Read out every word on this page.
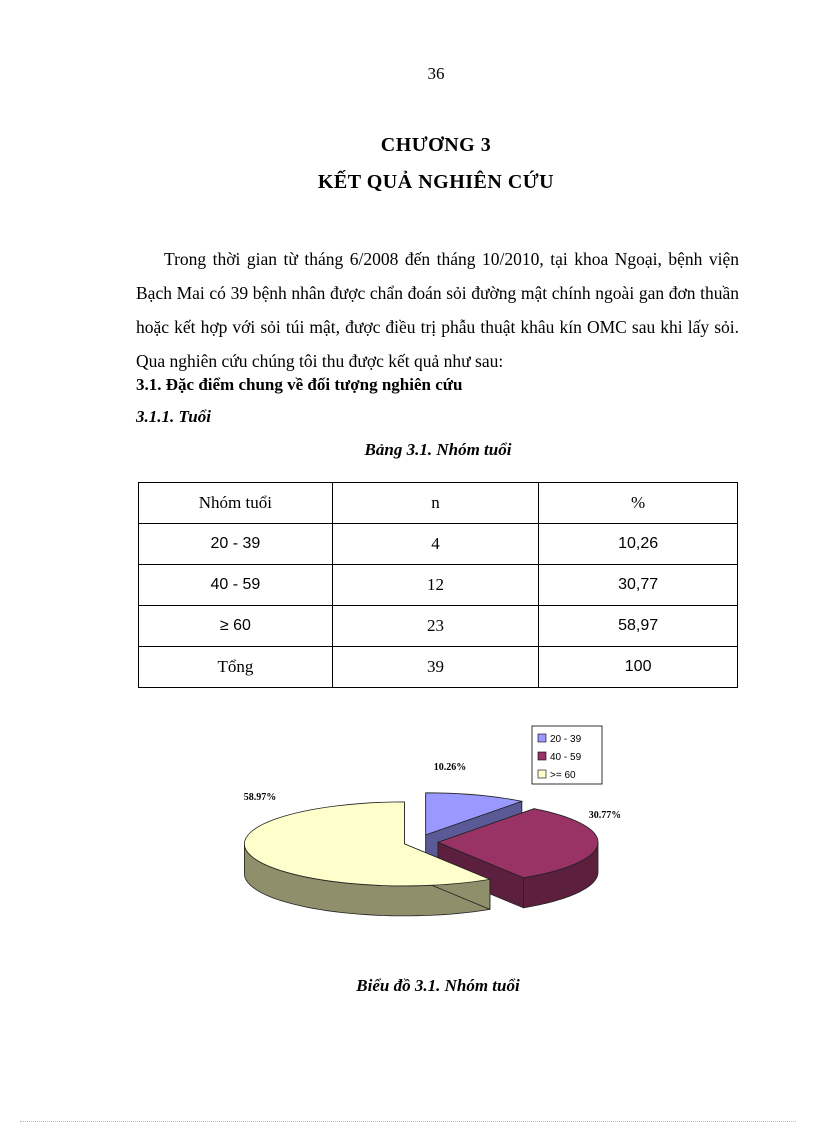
36
CHƯƠNG 3
KẾT QUẢ NGHIÊN CỨU

Trong thời gian từ tháng 6/2008 đến tháng 10/2010, tại khoa Ngoại, bệnh viện Bạch Mai có 39 bệnh nhân được chẩn đoán sỏi đường mật chính ngoài gan đơn thuần hoặc kết hợp với sỏi túi mật, được điều trị phẫu thuật khâu kín OMC sau khi lấy sỏi. Qua nghiên cứu chúng tôi thu được kết quả như sau:

3.1. Đặc điểm chung về đối tượng nghiên cứu
3.1.1. Tuổi
Bảng 3.1. Nhóm tuổi
Nhóm tuổi	n	%
20 - 39	4	10,26
40 - 59	12	30,77
≥ 60	23	58,97
Tổng	39	100
10.26%
30.77%
58.97%
20 - 39
40 - 59
>= 60
Biểu đồ 3.1. Nhóm tuổi
